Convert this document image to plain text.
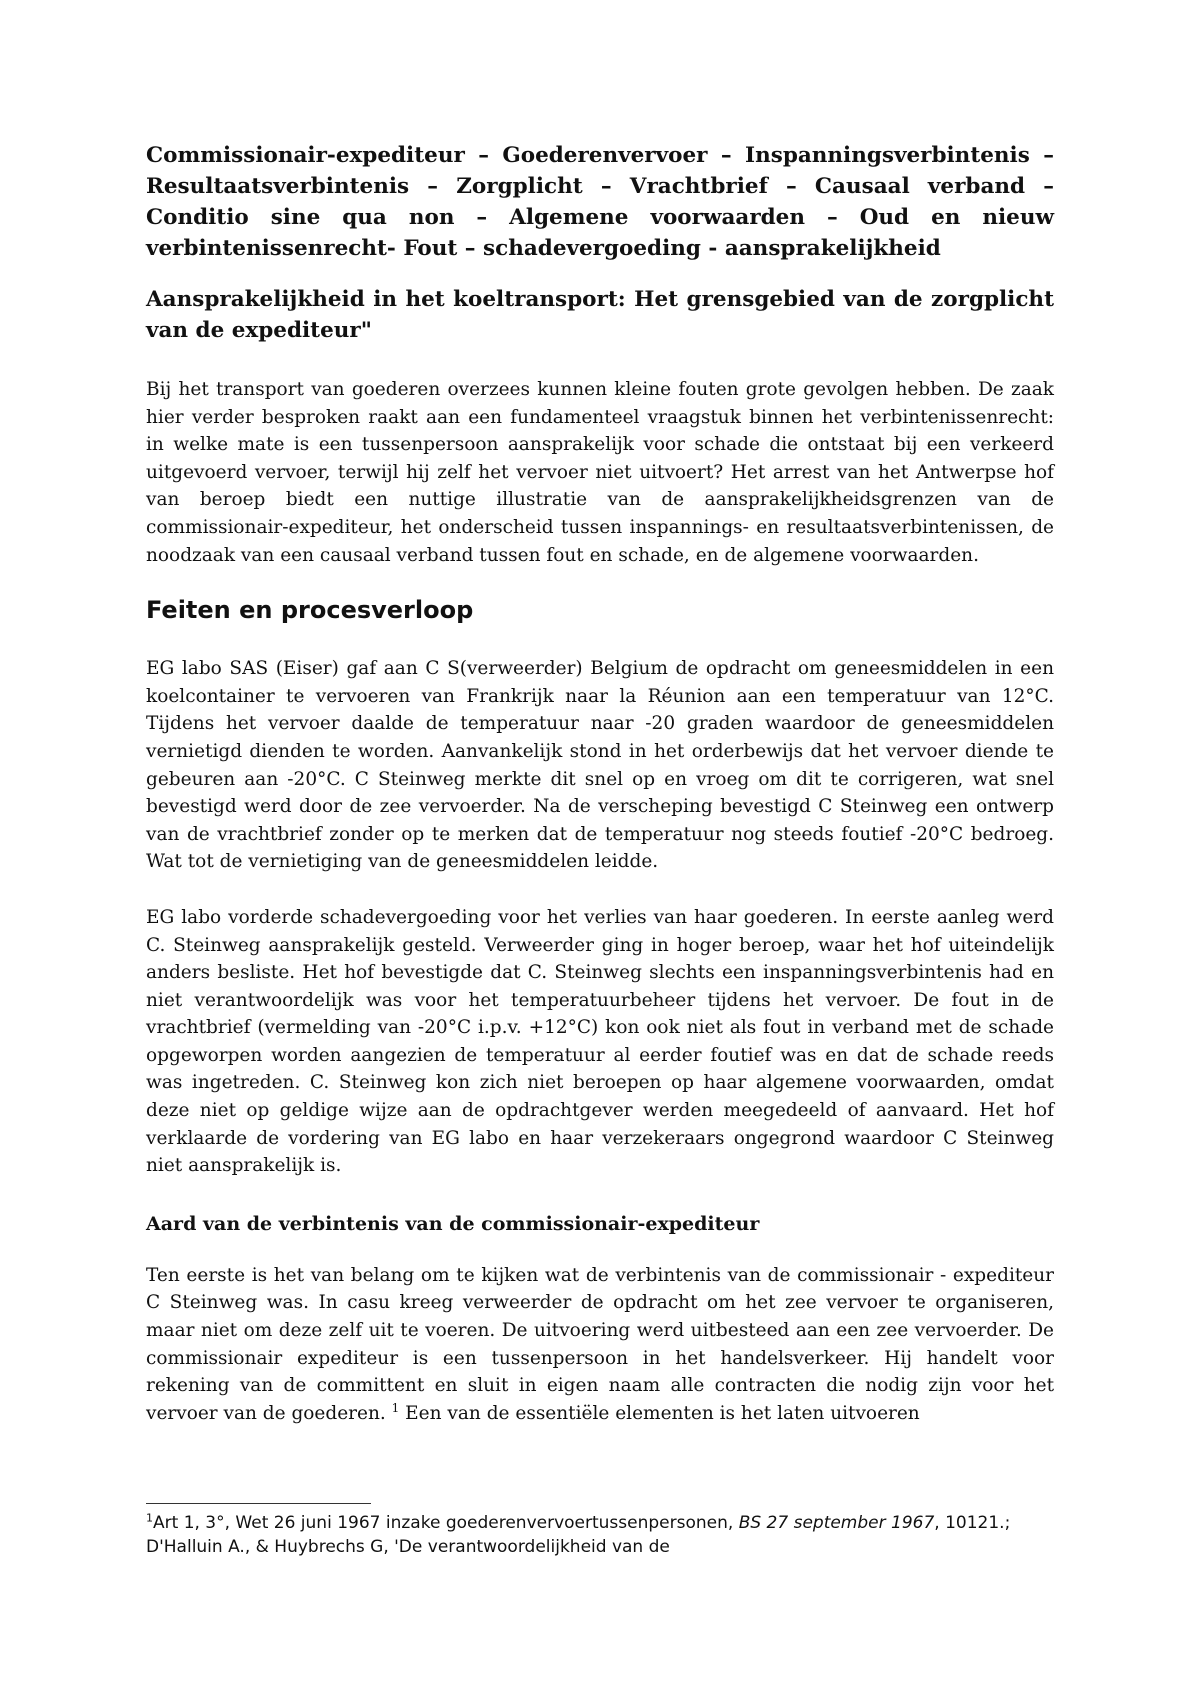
Commissionair-expediteur – Goederenvervoer – Inspanningsverbintenis – Resultaatsverbintenis – Zorgplicht – Vrachtbrief – Causaal verband – Conditio sine qua non – Algemene voorwaarden – Oud en nieuw verbintenissenrecht- Fout – schadevergoeding - aansprakelijkheid

Aansprakelijkheid in het koeltransport: Het grensgebied van de zorgplicht van de expediteur"

Bij het transport van goederen overzees kunnen kleine fouten grote gevolgen hebben. De zaak hier verder besproken raakt aan een fundamenteel vraagstuk binnen het verbintenissenrecht: in welke mate is een tussenpersoon aansprakelijk voor schade die ontstaat bij een verkeerd uitgevoerd vervoer, terwijl hij zelf het vervoer niet uitvoert? Het arrest van het Antwerpse hof van beroep biedt een nuttige illustratie van de aansprakelijkheidsgrenzen van de commissionair-expediteur, het onderscheid tussen inspannings- en resultaatsverbintenissen, de noodzaak van een causaal verband tussen fout en schade, en de algemene voorwaarden.

Feiten en procesverloop

EG labo SAS (Eiser) gaf aan C S(verweerder) Belgium de opdracht om geneesmiddelen in een koelcontainer te vervoeren van Frankrijk naar la Réunion aan een temperatuur van 12°C. Tijdens het vervoer daalde de temperatuur naar -20 graden waardoor de geneesmiddelen vernietigd dienden te worden. Aanvankelijk stond in het orderbewijs dat het vervoer diende te gebeuren aan -20°C. C Steinweg merkte dit snel op en vroeg om dit te corrigeren, wat snel bevestigd werd door de zee vervoerder. Na de verscheping bevestigd C Steinweg een ontwerp van de vrachtbrief zonder op te merken dat de temperatuur nog steeds foutief -20°C bedroeg. Wat tot de vernietiging van de geneesmiddelen leidde.

EG labo vorderde schadevergoeding voor het verlies van haar goederen. In eerste aanleg werd C. Steinweg aansprakelijk gesteld. Verweerder ging in hoger beroep, waar het hof uiteindelijk anders besliste. Het hof bevestigde dat C. Steinweg slechts een inspanningsverbintenis had en niet verantwoordelijk was voor het temperatuurbeheer tijdens het vervoer. De fout in de vrachtbrief (vermelding van -20°C i.p.v. +12°C) kon ook niet als fout in verband met de schade opgeworpen worden aangezien de temperatuur al eerder foutief was en dat de schade reeds was ingetreden. C. Steinweg kon zich niet beroepen op haar algemene voorwaarden, omdat deze niet op geldige wijze aan de opdrachtgever werden meegedeeld of aanvaard. Het hof verklaarde de vordering van EG labo en haar verzekeraars ongegrond waardoor C Steinweg niet aansprakelijk is.

Aard van de verbintenis van de commissionair-expediteur

Ten eerste is het van belang om te kijken wat de verbintenis van de commissionair - expediteur C Steinweg was. In casu kreeg verweerder de opdracht om het zee vervoer te organiseren, maar niet om deze zelf uit te voeren. De uitvoering werd uitbesteed aan een zee vervoerder. De commissionair expediteur is een tussenpersoon in het handelsverkeer. Hij handelt voor rekening van de committent en sluit in eigen naam alle contracten die nodig zijn voor het vervoer van de goederen. $^1$ Een van de essentiële elementen is het laten uitvoeren

$^1$Art 1, 3°, Wet 26 juni 1967 inzake goederenvervoertussenpersonen, BS 27 september 1967, 10121.; D'Halluin A., & Huybrechs G, 'De verantwoordelijkheid van de
